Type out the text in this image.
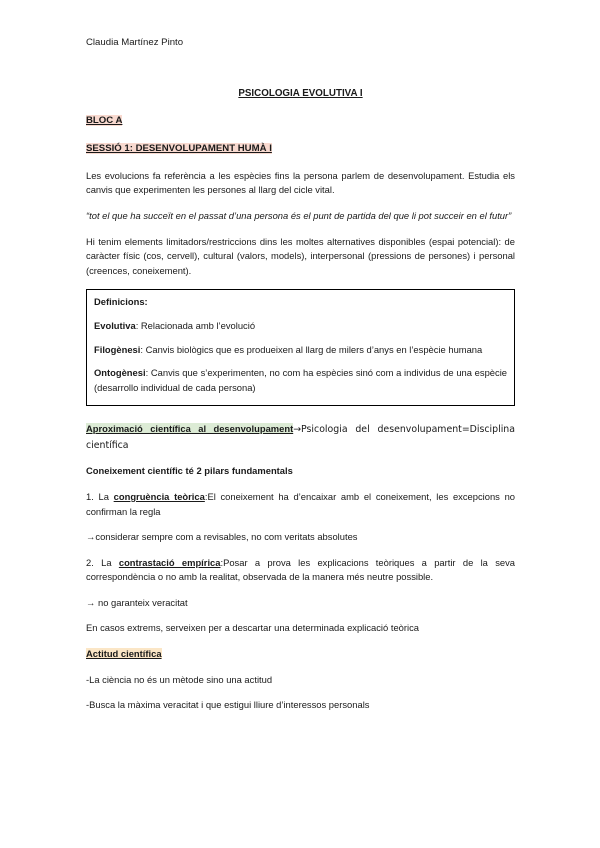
Claudia Martínez Pinto
PSICOLOGIA EVOLUTIVA I
BLOC A
SESSIÓ 1: DESENVOLUPAMENT HUMÀ I

Les evolucions fa referència a les espècies fins la persona parlem de desenvolupament. Estudia els canvis que experimenten les persones al llarg del cicle vital.

“tot el que ha succeït en el passat d’una persona és el punt de partida del que li pot succeir en el futur”

Hi tenim elements limitadors/restriccions dins les moltes alternatives disponibles (espai potencial): de caràcter físic (cos, cervell), cultural (valors, models), interpersonal (pressions de persones) i personal (creences, coneixement).

Definicions:

Evolutiva: Relacionada amb l’evolució

Filogènesi: Canvis biològics que es produeixen al llarg de milers d’anys en l’espècie humana

Ontogènesi: Canvis que s’experimenten, no com ha espècies sinó com a individus de una espècie (desarrollo individual de cada persona)

Aproximació científica al desenvolupament→Psicologia del desenvolupament=Disciplina científica

Coneixement científic té 2 pilars fundamentals

1. La congruència teòrica:El coneixement ha d’encaixar amb el coneixement, les excepcions no confirman la regla

→considerar sempre com a revisables, no com veritats absolutes

2. La contrastació empírica:Posar a prova les explicacions teòriques a partir de la seva correspondència o no amb la realitat, observada de la manera més neutre possible.

→ no garanteix veracitat

En casos extrems, serveixen per a descartar una determinada explicació teòrica

Actitud científica

-La ciència no és un mètode sino una actitud

-Busca la màxima veracitat i que estigui lliure d’interessos personals
